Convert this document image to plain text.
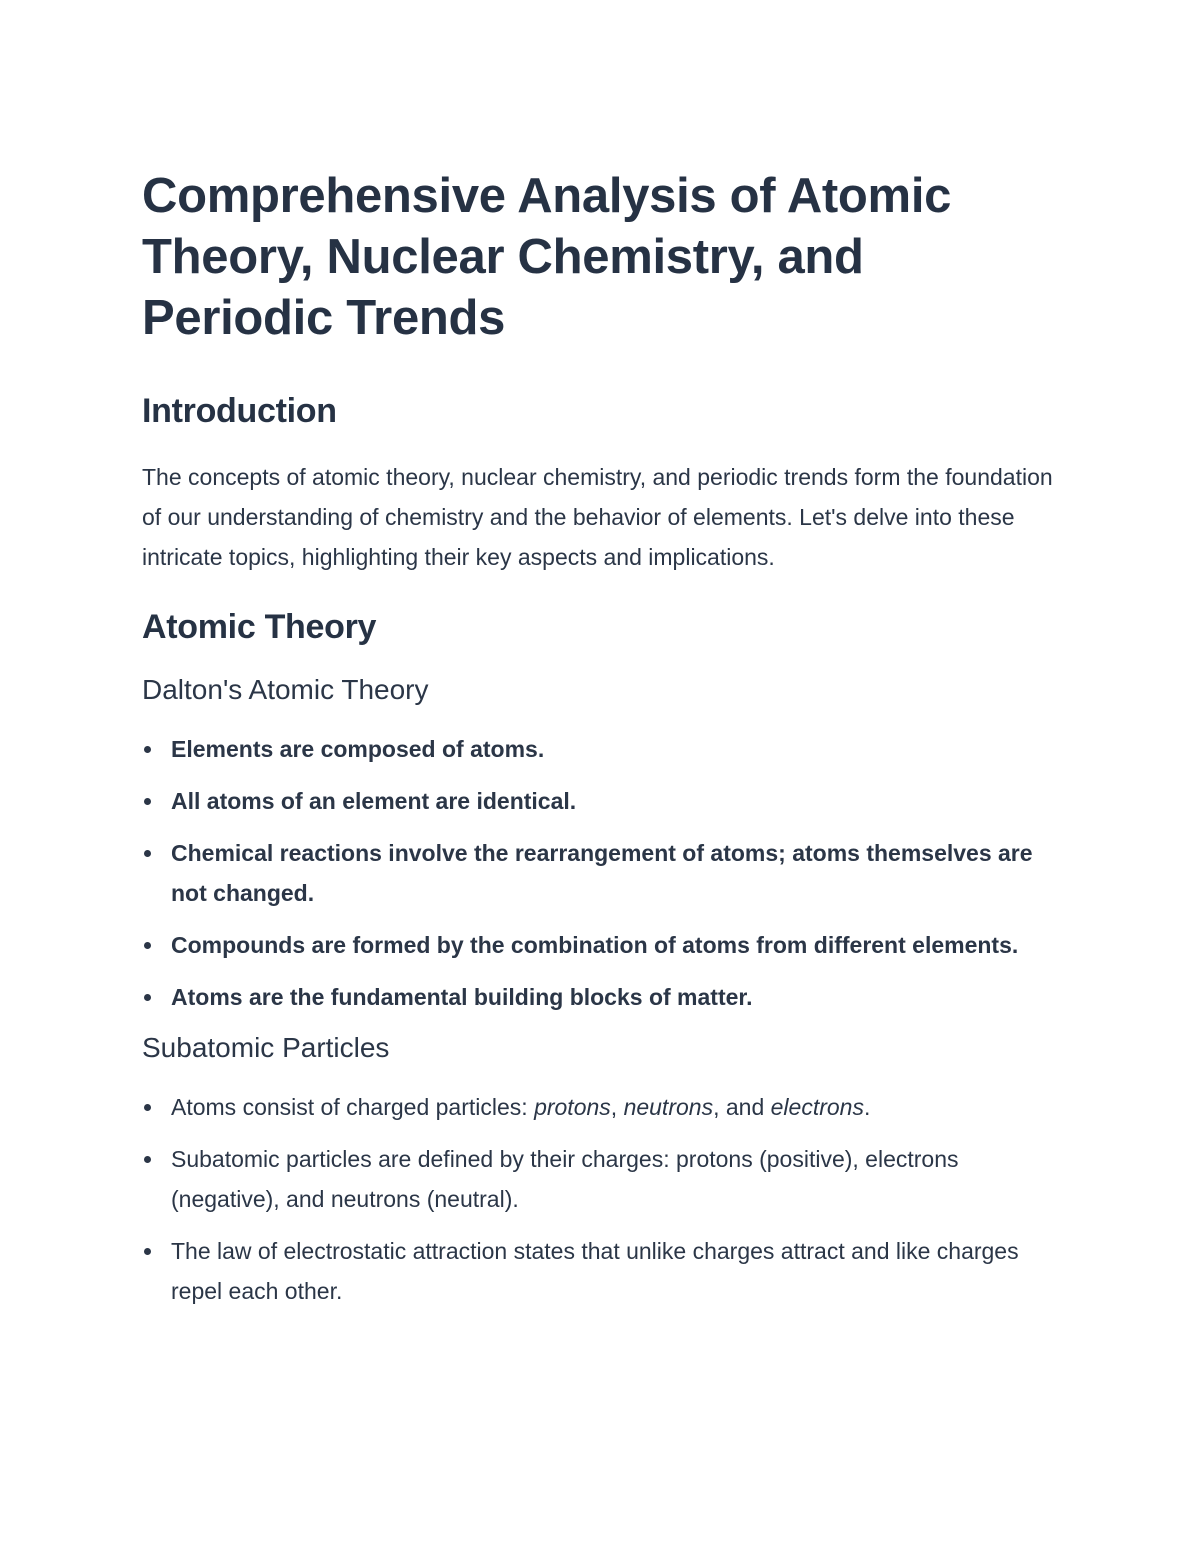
Comprehensive Analysis of Atomic Theory, Nuclear Chemistry, and Periodic Trends
Introduction

The concepts of atomic theory, nuclear chemistry, and periodic trends form the foundation of our understanding of chemistry and the behavior of elements. Let's delve into these intricate topics, highlighting their key aspects and implications.

Atomic Theory
Dalton's Atomic Theory
Elements are composed of atoms.
All atoms of an element are identical.
Chemical reactions involve the rearrangement of atoms; atoms themselves are not changed.
Compounds are formed by the combination of atoms from different elements.
Atoms are the fundamental building blocks of matter.
Subatomic Particles
Atoms consist of charged particles: protons, neutrons, and electrons.
Subatomic particles are defined by their charges: protons (positive), electrons (negative), and neutrons (neutral).
The law of electrostatic attraction states that unlike charges attract and like charges repel each other.
